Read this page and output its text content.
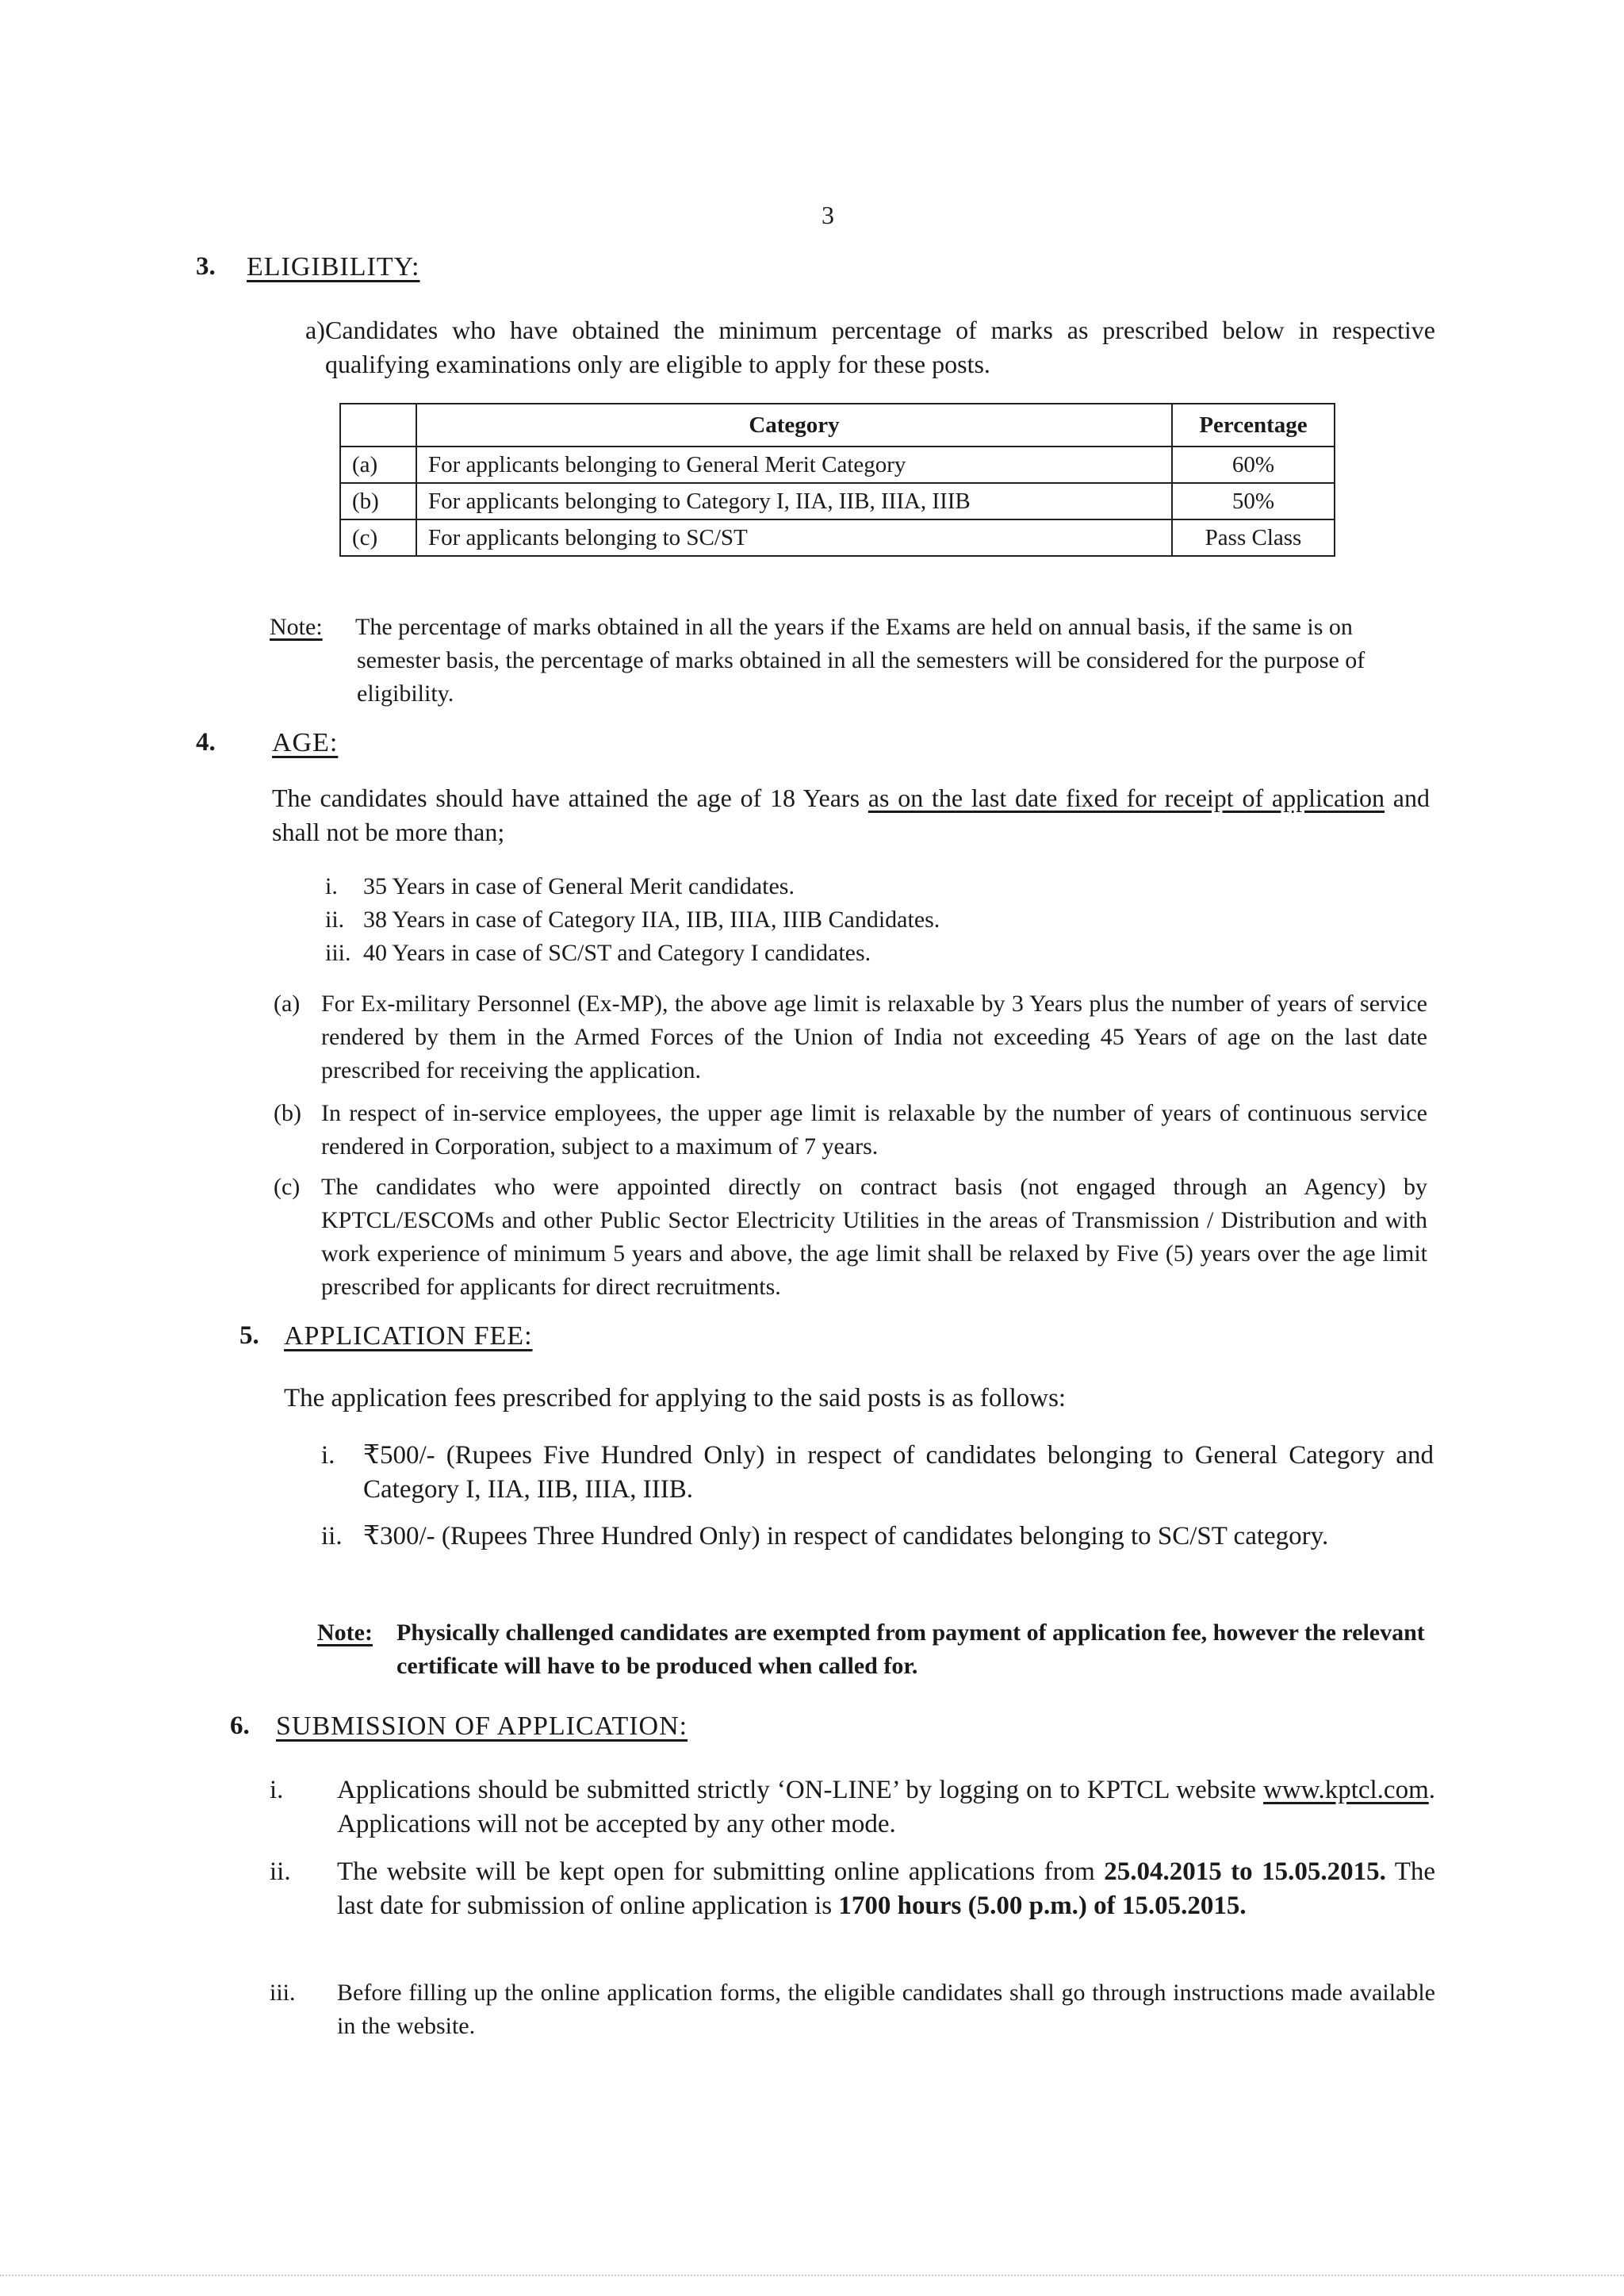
3
3. ELIGIBILITY:
a) Candidates who have obtained the minimum percentage of marks as prescribed below in respective qualifying examinations only are eligible to apply for these posts.
	Category	Percentage
(a)	For applicants belonging to General Merit Category	60%
(b)	For applicants belonging to Category I, IIA, IIB, IIIA, IIIB	50%
(c)	For applicants belonging to SC/ST	Pass Class
Note: The percentage of marks obtained in all the years if the Exams are held on annual basis, if the same is on semester basis, the percentage of marks obtained in all the semesters will be considered for the purpose of eligibility.
4. AGE:
The candidates should have attained the age of 18 Years as on the last date fixed for receipt of application and shall not be more than;
i. 35 Years in case of General Merit candidates.
ii. 38 Years in case of Category IIA, IIB, IIIA, IIIB Candidates.
iii. 40 Years in case of SC/ST and Category I candidates.
(a) For Ex-military Personnel (Ex-MP), the above age limit is relaxable by 3 Years plus the number of years of service rendered by them in the Armed Forces of the Union of India not exceeding 45 Years of age on the last date prescribed for receiving the application.
(b) In respect of in-service employees, the upper age limit is relaxable by the number of years of continuous service rendered in Corporation, subject to a maximum of 7 years.
(c) The candidates who were appointed directly on contract basis (not engaged through an Agency) by KPTCL/ESCOMs and other Public Sector Electricity Utilities in the areas of Transmission / Distribution and with work experience of minimum 5 years and above, the age limit shall be relaxed by Five (5) years over the age limit prescribed for applicants for direct recruitments.
5. APPLICATION FEE:
The application fees prescribed for applying to the said posts is as follows:
i. ₹500/- (Rupees Five Hundred Only) in respect of candidates belonging to General Category and Category I, IIA, IIB, IIIA, IIIB.
ii. ₹300/- (Rupees Three Hundred Only) in respect of candidates belonging to SC/ST category.
Note: Physically challenged candidates are exempted from payment of application fee, however the relevant certificate will have to be produced when called for.
6. SUBMISSION OF APPLICATION:
i. Applications should be submitted strictly ‘ON-LINE’ by logging on to KPTCL website www.kptcl.com. Applications will not be accepted by any other mode.
ii. The website will be kept open for submitting online applications from 25.04.2015 to 15.05.2015. The last date for submission of online application is 1700 hours (5.00 p.m.) of 15.05.2015.
iii. Before filling up the online application forms, the eligible candidates shall go through instructions made available in the website.
